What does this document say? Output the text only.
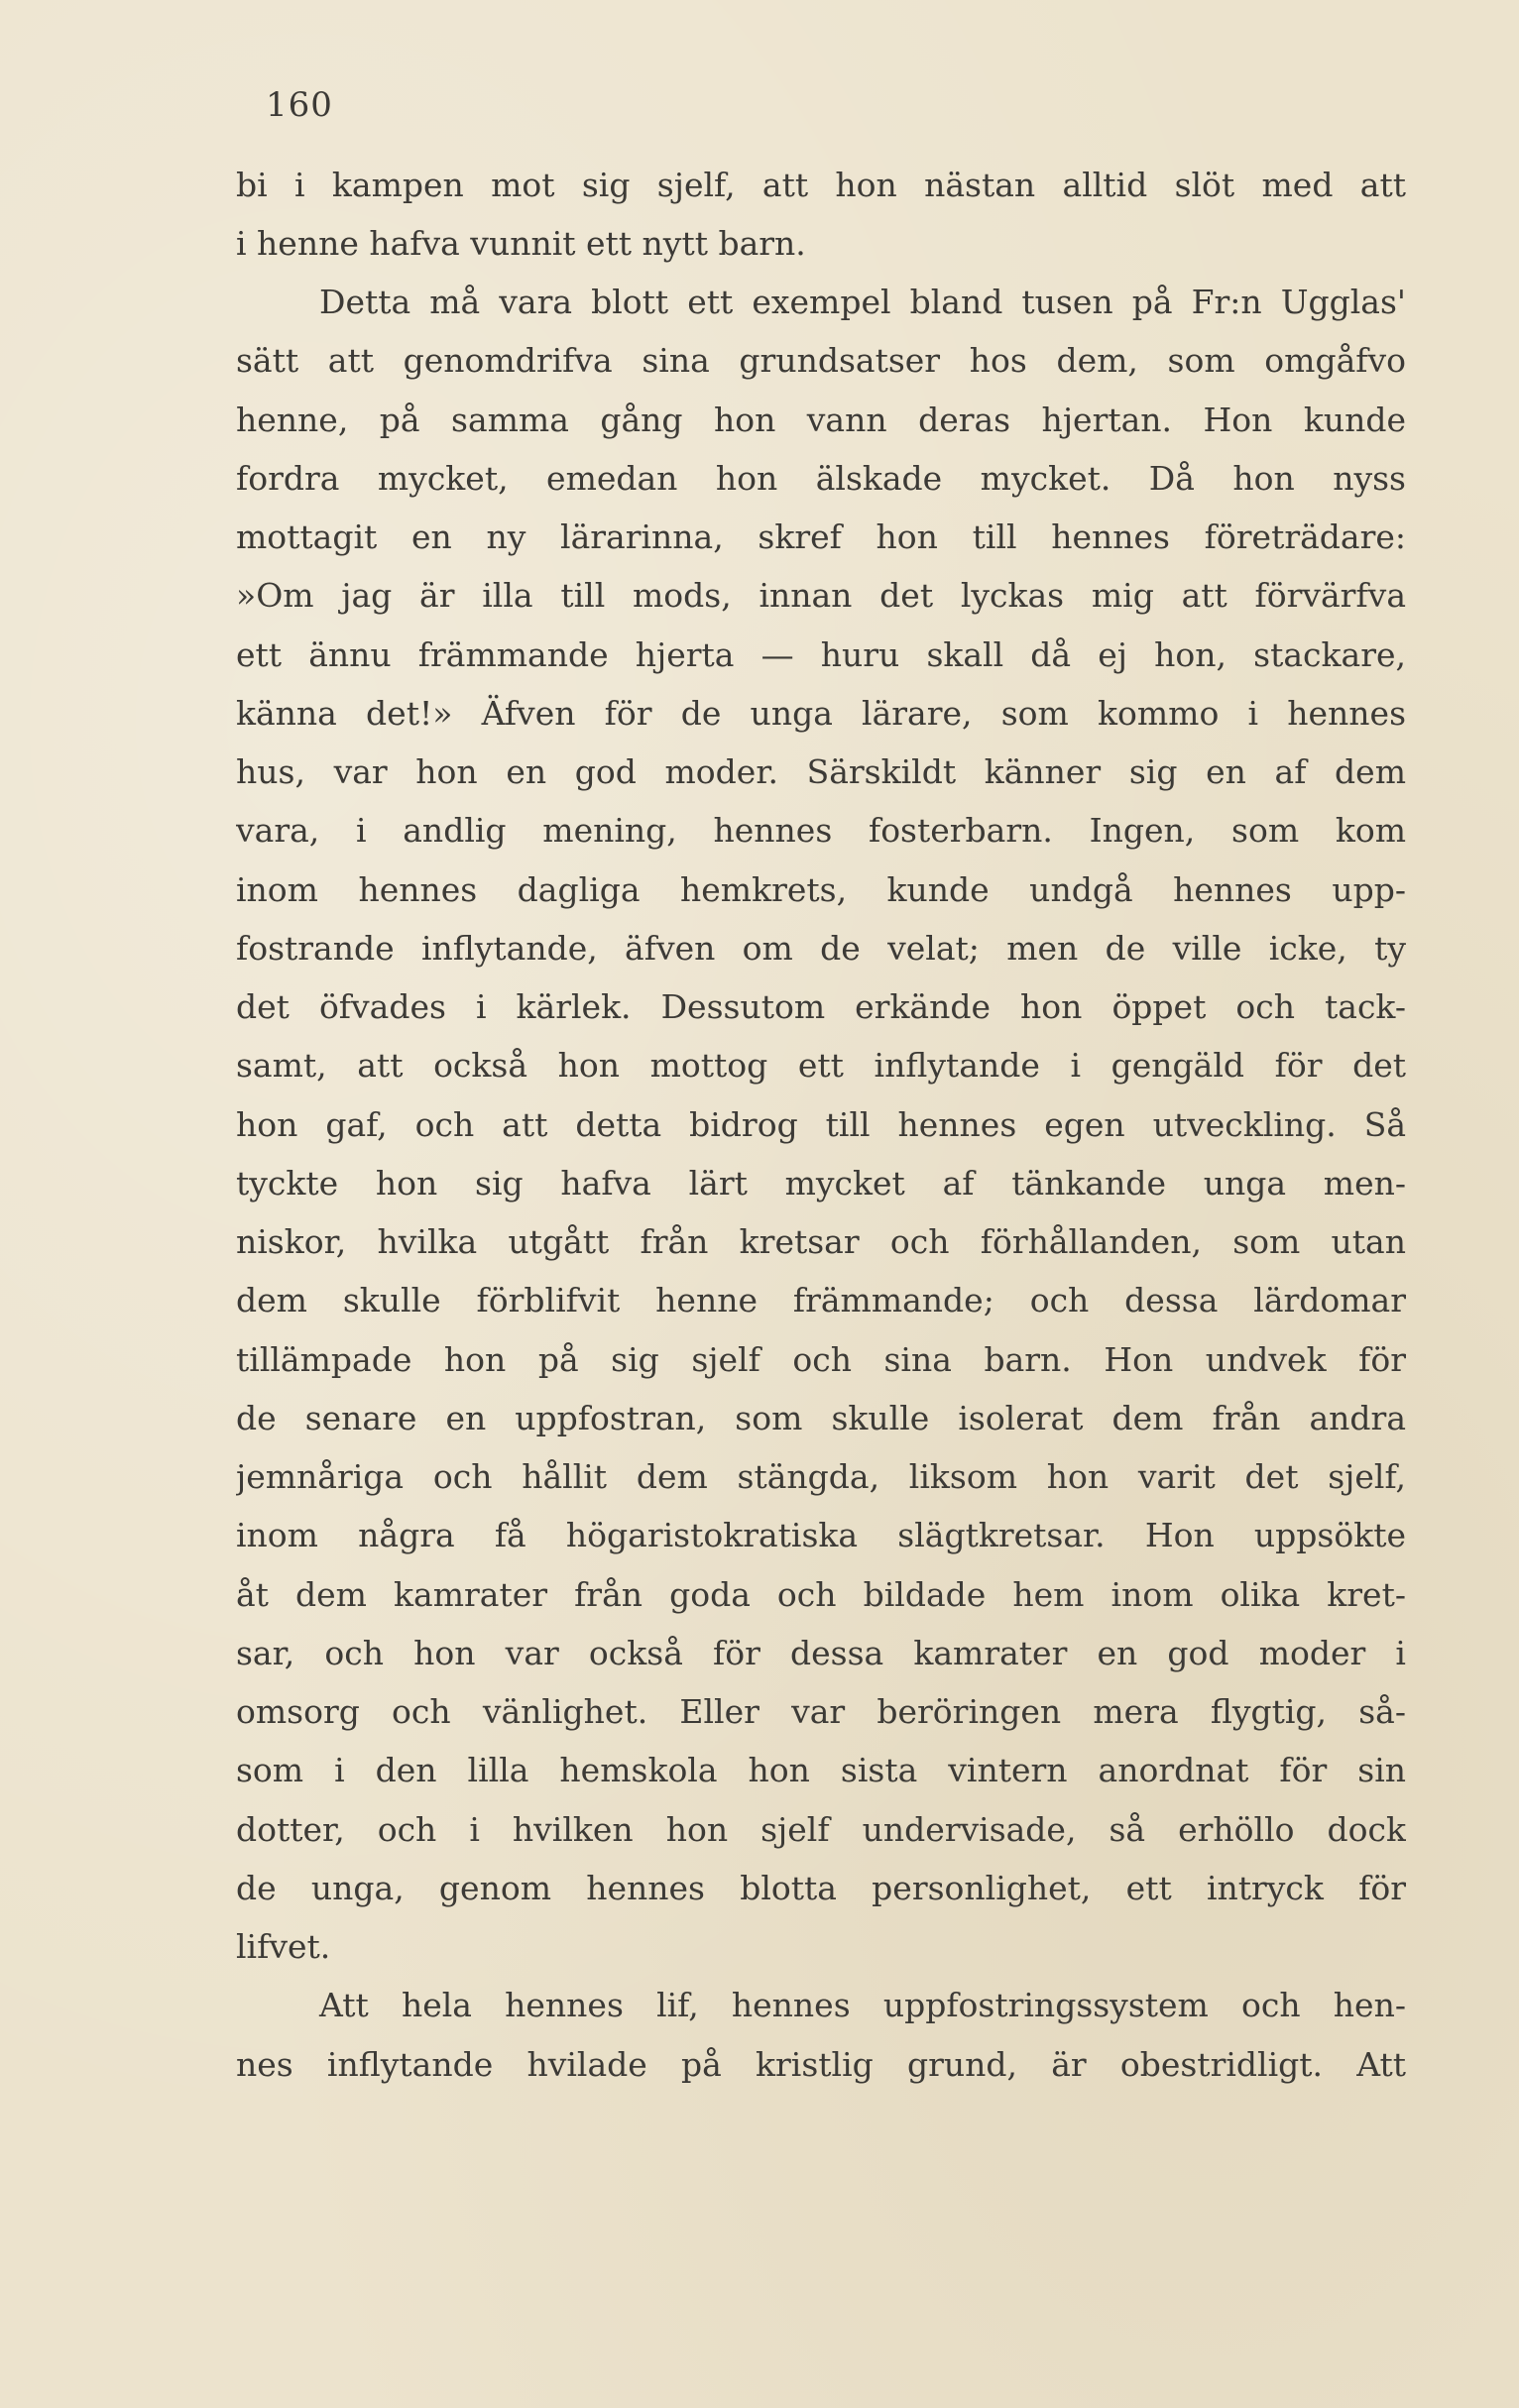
160
bi i kampen mot sig sjelf, att hon nästan alltid slöt med att
i henne hafva vunnit ett nytt barn.
Detta må vara blott ett exempel bland tusen på Fr:n Ugglas'
sätt att genomdrifva sina grundsatser hos dem, som omgåfvo
henne, på samma gång hon vann deras hjertan. Hon kunde
fordra mycket, emedan hon älskade mycket. Då hon nyss
mottagit en ny lärarinna, skref hon till hennes företrädare:
»Om jag är illa till mods, innan det lyckas mig att förvärfva
ett ännu främmande hjerta — huru skall då ej hon, stackare,
känna det!» Äfven för de unga lärare, som kommo i hennes
hus, var hon en god moder. Särskildt känner sig en af dem
vara, i andlig mening, hennes fosterbarn. Ingen, som kom
inom hennes dagliga hemkrets, kunde undgå hennes upp-
fostrande inflytande, äfven om de velat; men de ville icke, ty
det öfvades i kärlek. Dessutom erkände hon öppet och tack-
samt, att också hon mottog ett inflytande i gengäld för det
hon gaf, och att detta bidrog till hennes egen utveckling. Så
tyckte hon sig hafva lärt mycket af tänkande unga men-
niskor, hvilka utgått från kretsar och förhållanden, som utan
dem skulle förblifvit henne främmande; och dessa lärdomar
tillämpade hon på sig sjelf och sina barn. Hon undvek för
de senare en uppfostran, som skulle isolerat dem från andra
jemnåriga och hållit dem stängda, liksom hon varit det sjelf,
inom några få högaristokratiska slägtkretsar. Hon uppsökte
åt dem kamrater från goda och bildade hem inom olika kret-
sar, och hon var också för dessa kamrater en god moder i
omsorg och vänlighet. Eller var beröringen mera flygtig, så-
som i den lilla hemskola hon sista vintern anordnat för sin
dotter, och i hvilken hon sjelf undervisade, så erhöllo dock
de unga, genom hennes blotta personlighet, ett intryck för
lifvet.
Att hela hennes lif, hennes uppfostringssystem och hen-
nes inflytande hvilade på kristlig grund, är obestridligt. Att
